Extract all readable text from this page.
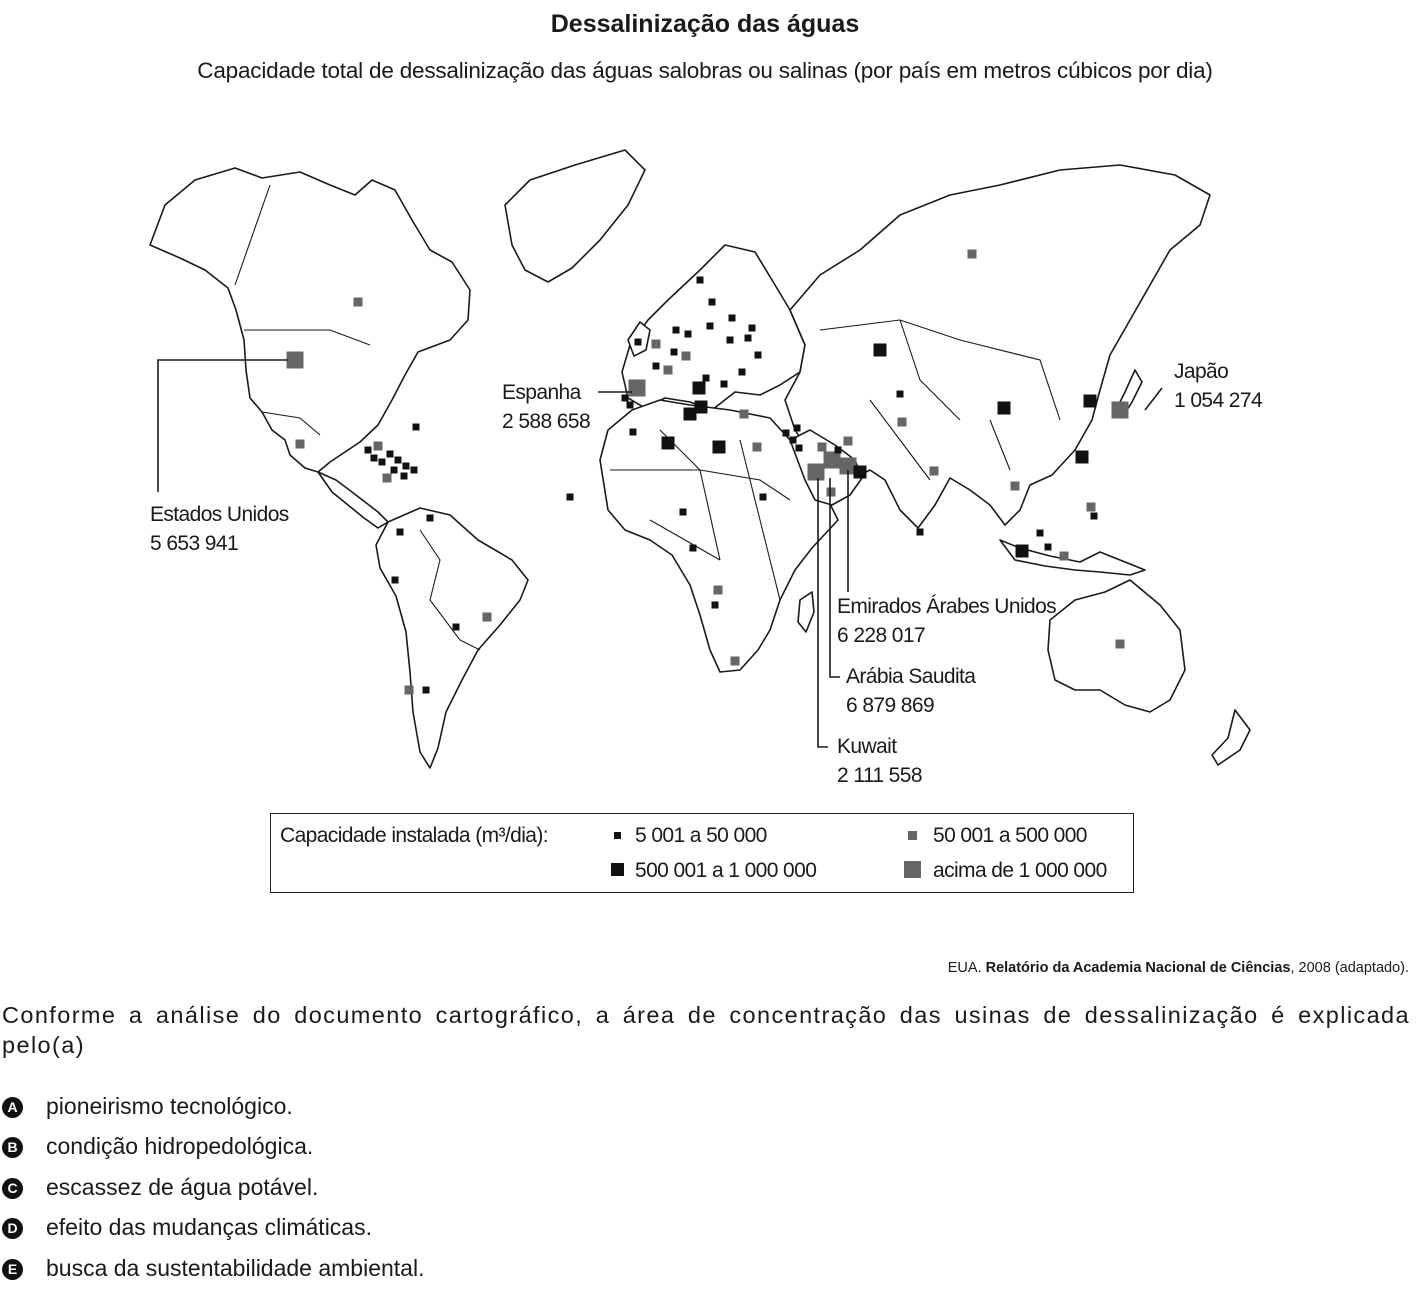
Dessalinização das águas
Capacidade total de dessalinização das águas salobras ou salinas (por país em metros cúbicos por dia)
Estados Unidos
5 653 941
Espanha
2 588 658
Japão
1 054 274
Emirados Árabes Unidos
6 228 017
Arábia Saudita
6 879 869
Kuwait
2 111 558
Capacidade instalada (m³/dia):	5 001 a 50 000	50 001 a 500 000
500 001 a 1 000 000	acima de 1 000 000
EUA. Relatório da Academia Nacional de Ciências, 2008 (adaptado).
Conforme a análise do documento cartográfico, a área de concentração das usinas de dessalinização é explicada pelo(a)
A pioneirismo tecnológico.
B condição hidropedológica.
C escassez de água potável.
D efeito das mudanças climáticas.
E busca da sustentabilidade ambiental.
